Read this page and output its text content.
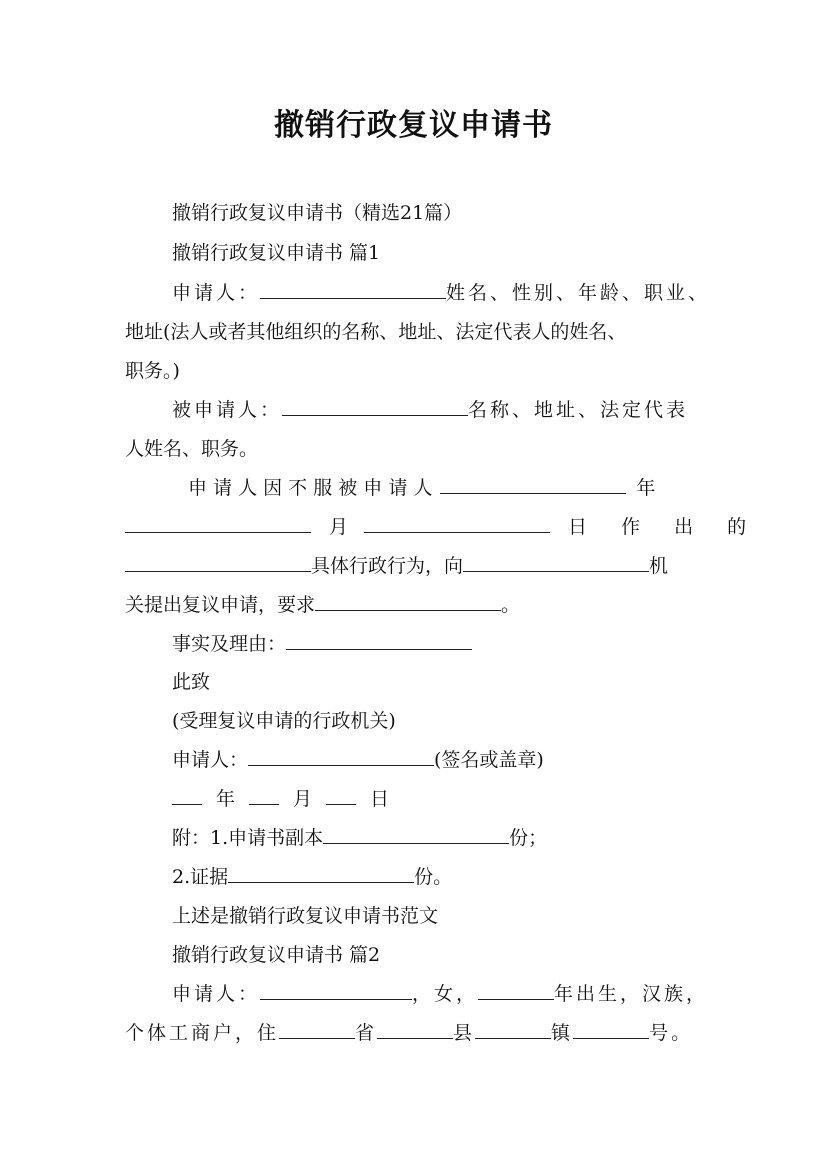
撤销行政复议申请书
撤销行政复议申请书（精选21篇）
撤销行政复议申请书 篇1
申请人：	姓名、性别、年龄、职业、
地址(法人或者其他组织的名称、地址、法定代表人的姓名、
职务。)
被申请人：	名称、地址、法定代表
人姓名、职务。
申 请 人 因 不 服 被 申 请 人	年
月	日 作 出 的
具体行政行为，向	机
关提出复议申请，要求	。
事实及理由：
此致
(受理复议申请的行政机关)
申请人：	(签名或盖章)
年	月	日
附：1.申请书副本	份；
2.证据	份。
上述是撤销行政复议申请书范文
撤销行政复议申请书 篇2
申请人：	，女，	年出生，汉族，
个体工商户，住	省	县	镇	号。
